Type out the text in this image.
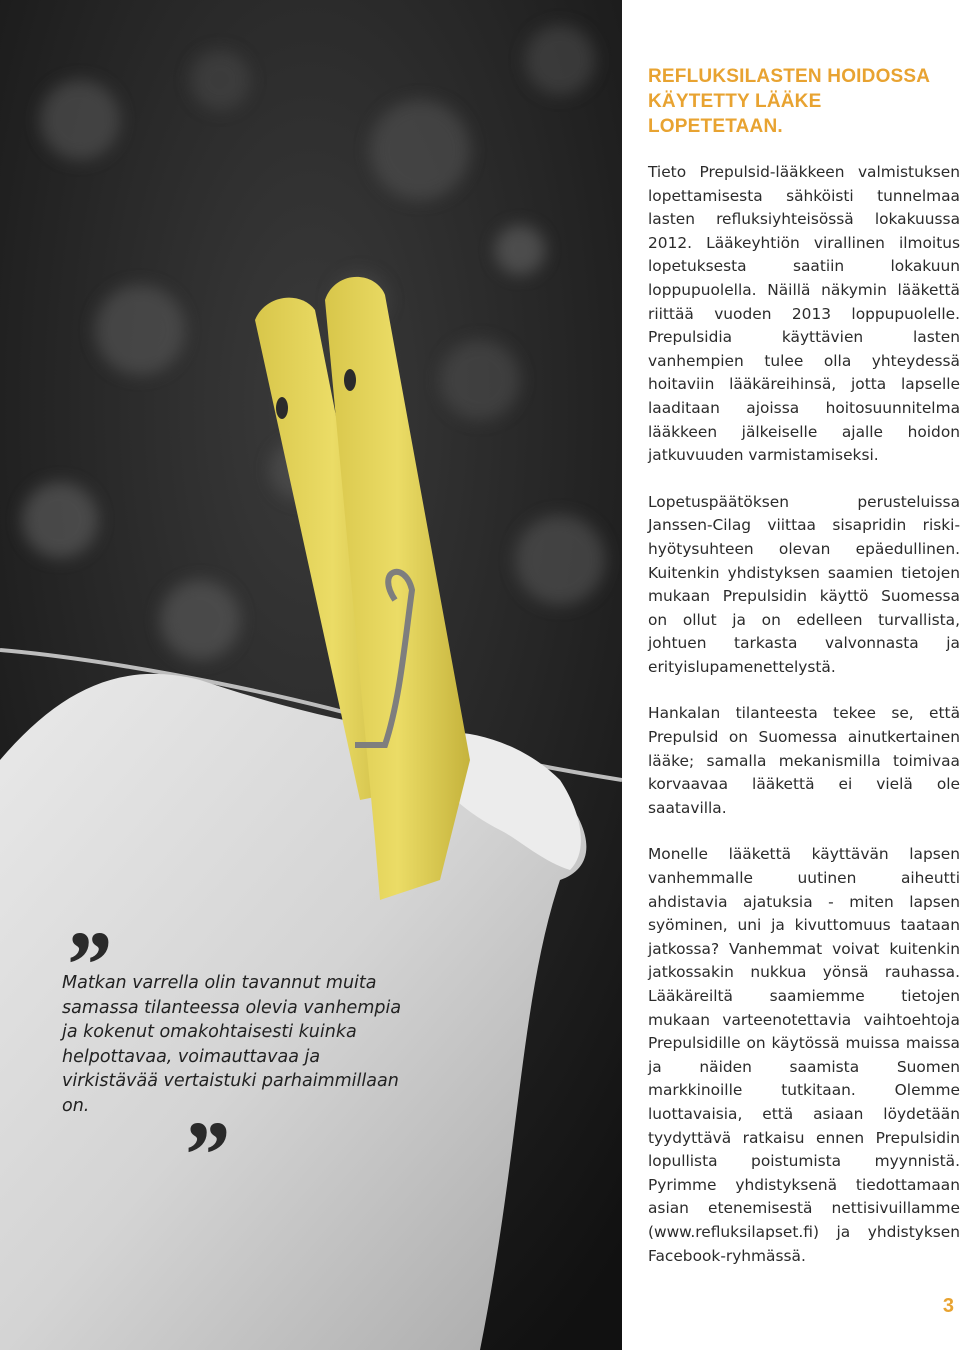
REFLUKSILASTEN HOIDOSSA KÄYTETTY LÄÄKE LOPETETAAN.

Tieto Prepulsid-lääkkeen valmistuksen lopettamisesta sähköisti tunnelmaa lasten refluksiyhteisössä lokakuussa 2012. Lääkeyhtiön virallinen ilmoitus lopetuksesta saatiin lokakuun loppupuolella. Näillä näkymin lääkettä riittää vuoden 2013 loppupuolelle. Prepulsidia käyttävien lasten vanhempien tulee olla yhteydessä hoitaviin lääkäreihinsä, jotta lapselle laaditaan ajoissa hoitosuunnitelma lääkkeen jälkeiselle ajalle hoidon jatkuvuuden varmistamiseksi.

Lopetuspäätöksen perusteluissa Janssen-Cilag viittaa sisapridin riski-hyötysuhteen olevan epäedullinen. Kuitenkin yhdistyksen saamien tietojen mukaan Prepulsidin käyttö Suomessa on ollut ja on edelleen turvallista, johtuen tarkasta valvonnasta ja erityislupamenettelystä.

Hankalan tilanteesta tekee se, että Prepulsid on Suomessa ainutkertainen lääke; samalla mekanismilla toimivaa korvaavaa lääkettä ei vielä ole saatavilla.

Monelle lääkettä käyttävän lapsen vanhemmalle uutinen aiheutti ahdistavia ajatuksia - miten lapsen syöminen, uni ja kivuttomuus taataan jatkossa? Vanhemmat voivat kuitenkin jatkossakin nukkua yönsä rauhassa. Lääkäreiltä saamiemme tietojen mukaan varteenotettavia vaihtoehtoja Prepulsidille on käytössä muissa maissa ja näiden saamista Suomen markkinoille tutkitaan. Olemme luottavaisia, että asiaan löydetään tyydyttävä ratkaisu ennen Prepulsidin lopullista poistumista myynnistä. Pyrimme yhdistyksenä tiedottamaan asian etenemisestä nettisivuillamme (www.refluksilapset.fi) ja yhdistyksen Facebook-ryhmässä.

”

Matkan varrella olin tavannut muita samassa tilanteessa olevia vanhempia ja kokenut omakohtaisesti kuinka helpottavaa, voimauttavaa ja virkistävää vertaistuki parhaimmillaan on. ”
3
